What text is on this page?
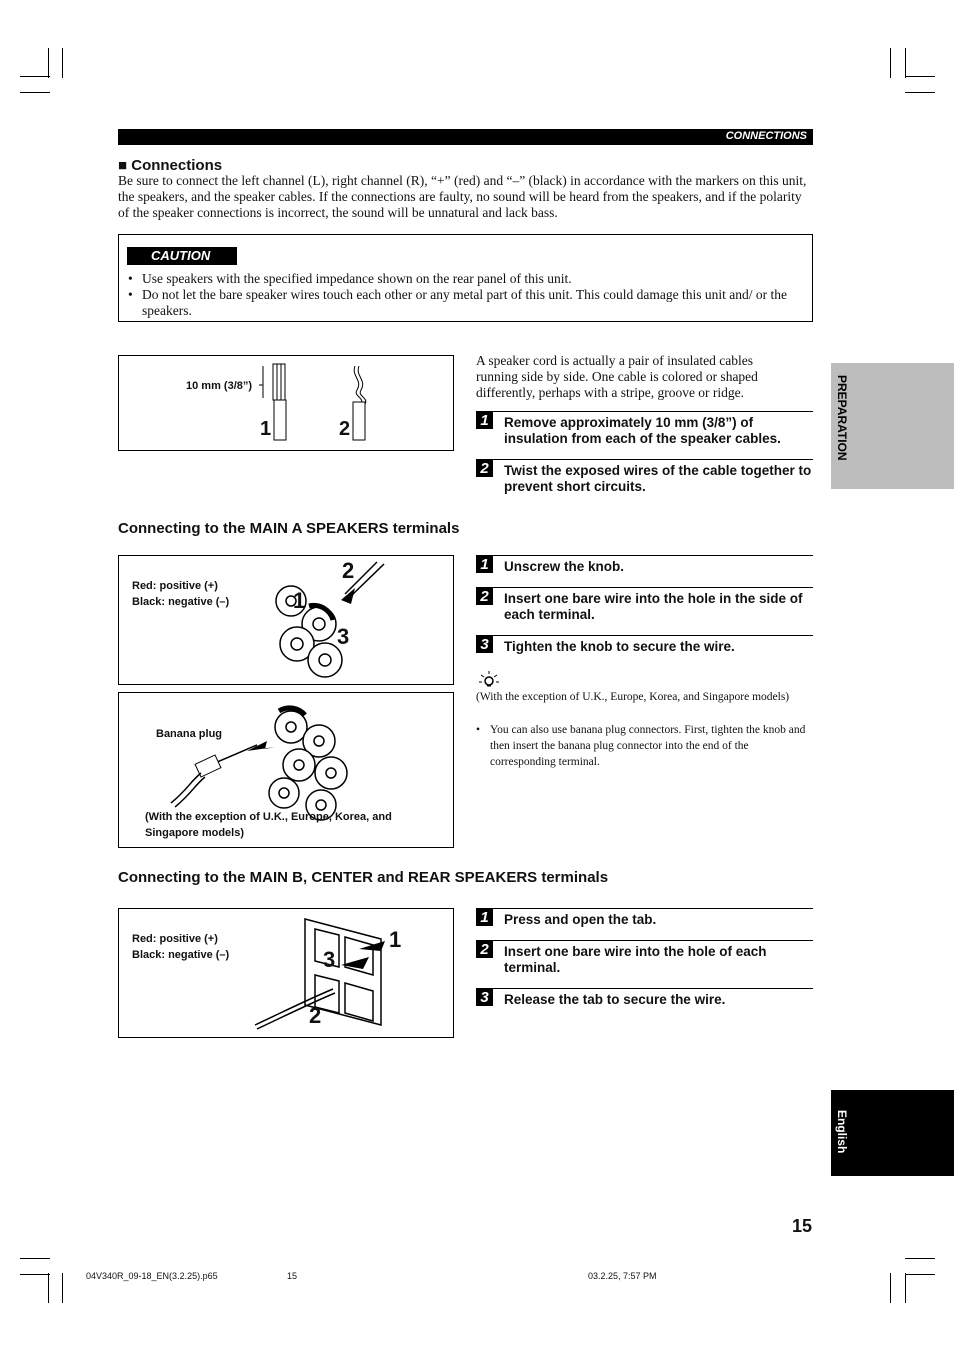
CONNECTIONS
■ Connections
Be sure to connect the left channel (L), right channel (R), “+” (red) and “–” (black) in accordance with the markers on this unit, the speakers, and the speaker cables. If the connections are faulty, no sound will be heard from the speakers, and if the polarity of the speaker connections is incorrect, the sound will be unnatural and lack bass.
CAUTION
• Use speakers with the specified impedance shown on the rear panel of this unit.
• Do not let the bare speaker wires touch each other or any metal part of this unit. This could damage this unit and/ or the speakers.
10 mm (3/8”)
1	2
A speaker cord is actually a pair of insulated cables running side by side. One cable is colored or shaped differently, perhaps with a stripe, groove or ridge.
1	Remove approximately 10 mm (3/8”) of insulation from each of the speaker cables.
2	Twist the exposed wires of the cable together to prevent short circuits.
Connecting to the MAIN A SPEAKERS terminals
Red: positive (+)
Black: negative (–)
2
1
3
Banana plug
(With the exception of U.K., Europe, Korea, and Singapore models)
1	Unscrew the knob.
2	Insert one bare wire into the hole in the side of each terminal.
3	Tighten the knob to secure the wire.
(With the exception of U.K., Europe, Korea, and Singapore models)
• You can also use banana plug connectors. First, tighten the knob and then insert the banana plug connector into the end of the corresponding terminal.
Connecting to the MAIN B, CENTER and REAR SPEAKERS terminals
Red: positive (+)
Black: negative (–)
1
3
2
1	Press and open the tab.
2	Insert one bare wire into the hole of each terminal.
3	Release the tab to secure the wire.
PREPARATION
English
15
04V340R_09-18_EN(3.2.25).p65	15	03.2.25, 7:57 PM
